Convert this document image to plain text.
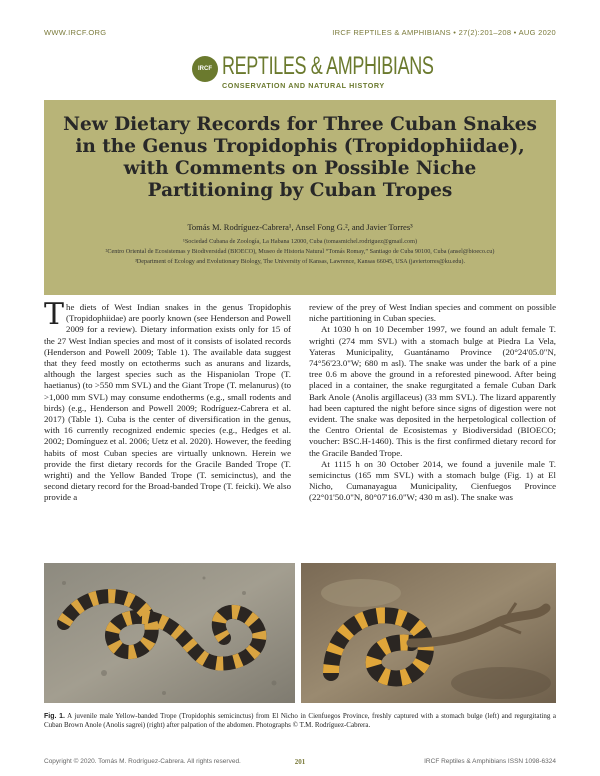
WWW.IRCF.ORG	IRCF REPTILES & AMPHIBIANS • 27(2):201–208 • AUG 2020
IRCF REPTILES & AMPHIBIANS
CONSERVATION AND NATURAL HISTORY
New Dietary Records for Three Cuban Snakes
in the Genus Tropidophis (Tropidophiidae),
with Comments on Possible Niche
Partitioning by Cuban Tropes
Tomás M. Rodríguez-Cabrera¹, Ansel Fong G.², and Javier Torres³
¹Sociedad Cubana de Zoología, La Habana 12000, Cuba (tomasmichel.rodriguez@gmail.com)
²Centro Oriental de Ecosistemas y Biodiversidad (BIOECO), Museo de Historia Natural “Tomás Romay,” Santiago de Cuba 90100, Cuba (ansel@bioeco.cu)
³Department of Ecology and Evolutionary Biology, The University of Kansas, Lawrence, Kansas 66045, USA (javiertorres@ku.edu).

The diets of West Indian snakes in the genus Tropidophis (Tropidophiidae) are poorly known (see Henderson and Powell 2009 for a review). Dietary information exists only for 15 of the 27 West Indian species and most of it consists of isolated records (Henderson and Powell 2009; Table 1). The available data suggest that they feed mostly on ectotherms such as anurans and lizards, although the largest species such as the Hispaniolan Trope (T. haetianus) (to >550 mm SVL) and the Giant Trope (T. melanurus) (to >1,000 mm SVL) may consume endotherms (e.g., small rodents and birds) (e.g., Henderson and Powell 2009; Rodríguez-Cabrera et al. 2017) (Table 1). Cuba is the center of diversification in the genus, with 16 currently recognized endemic species (e.g., Hedges et al. 2002; Domínguez et al. 2006; Uetz et al. 2020). However, the feeding habits of most Cuban species are virtually unknown. Herein we provide the first dietary records for the Gracile Banded Trope (T. wrighti) and the Yellow Banded Trope (T. semicinctus), and the second dietary record for the Broad-banded Trope (T. feicki). We also provide a

review of the prey of West Indian species and comment on possible niche partitioning in Cuban species.

At 1030 h on 10 December 1997, we found an adult female T. wrighti (274 mm SVL) with a stomach bulge at Piedra La Vela, Yateras Municipality, Guantánamo Province (20°24'05.0"N, 74°56'23.0"W; 680 m asl). The snake was under the bark of a pine tree 0.6 m above the ground in a reforested pinewood. After being placed in a container, the snake regurgitated a female Cuban Dark Bark Anole (Anolis argillaceus) (33 mm SVL). The lizard apparently had been captured the night before since signs of digestion were not evident. The snake was deposited in the herpetological collection of the Centro Oriental de Ecosistemas y Biodiversidad (BIOECO; voucher: BSC.H-1460). This is the first confirmed dietary record for the Gracile Banded Trope.

At 1115 h on 30 October 2014, we found a juvenile male T. semicinctus (165 mm SVL) with a stomach bulge (Fig. 1) at El Nicho, Cumanayagua Municipality, Cienfuegos Province (22°01'50.0"N, 80°07'16.0"W; 430 m asl). The snake was

Fig. 1. A juvenile male Yellow-banded Trope (Tropidophis semicinctus) from El Nicho in Cienfuegos Province, freshly captured with a stomach bulge (left) and regurgitating a Cuban Brown Anole (Anolis sagrei) (right) after palpation of the abdomen. Photographs © T.M. Rodríguez-Cabrera.
Copyright © 2020. Tomás M. Rodríguez-Cabrera. All rights reserved.	201	IRCF Reptiles & Amphibians ISSN 1098-6324
